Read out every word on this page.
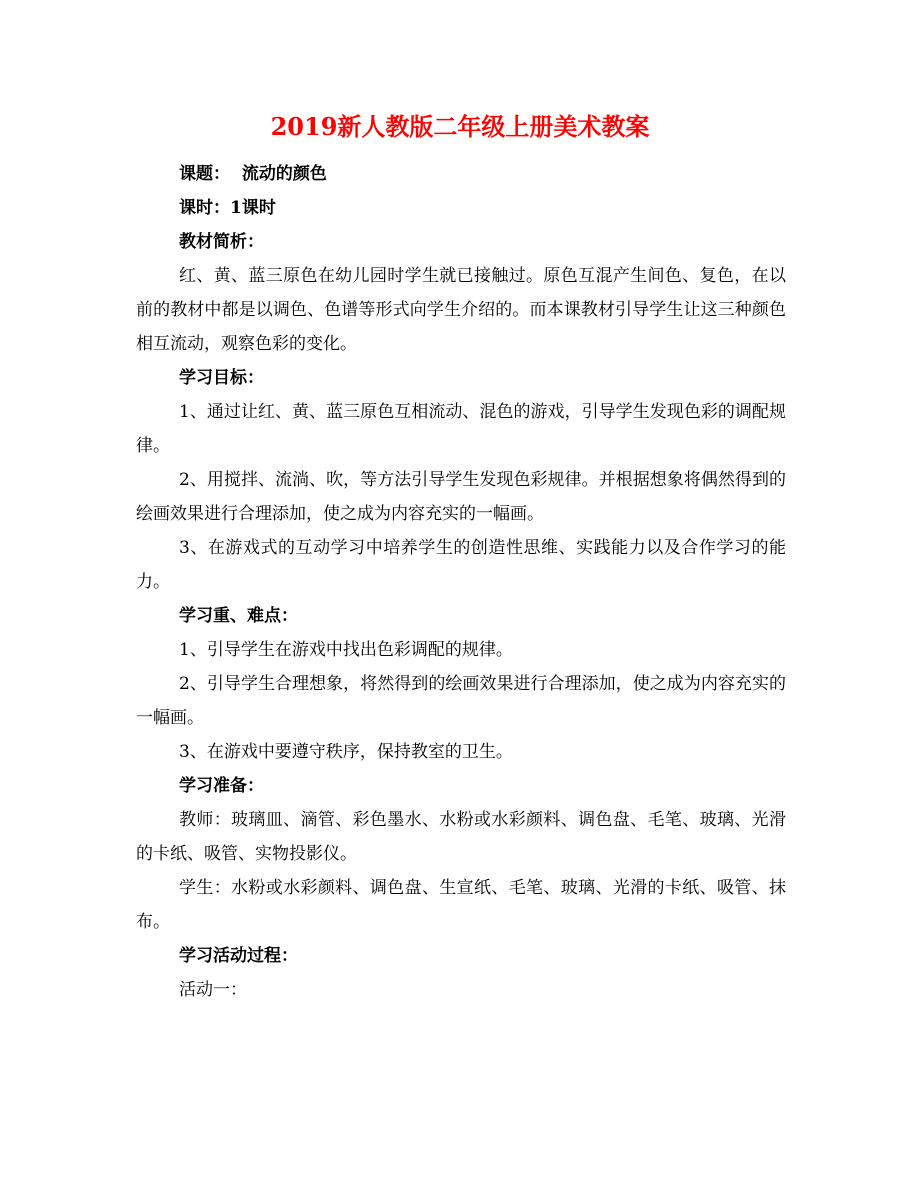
2019新人教版二年级上册美术教案

课题： 流动的颜色

课时：1课时

教材简析：

红、黄、蓝三原色在幼儿园时学生就已接触过。原色互混产生间色、复色，在以前的教材中都是以调色、色谱等形式向学生介绍的。而本课教材引导学生让这三种颜色相互流动，观察色彩的变化。

学习目标：

1、通过让红、黄、蓝三原色互相流动、混色的游戏，引导学生发现色彩的调配规律。

2、用搅拌、流淌、吹，等方法引导学生发现色彩规律。并根据想象将偶然得到的绘画效果进行合理添加，使之成为内容充实的一幅画。

3、在游戏式的互动学习中培养学生的创造性思维、实践能力以及合作学习的能力。

学习重、难点：

1、引导学生在游戏中找出色彩调配的规律。

2、引导学生合理想象，将然得到的绘画效果进行合理添加，使之成为内容充实的一幅画。

3、在游戏中要遵守秩序，保持教室的卫生。

学习准备：

教师：玻璃皿、滴管、彩色墨水、水粉或水彩颜料、调色盘、毛笔、玻璃、光滑的卡纸、吸管、实物投影仪。

学生：水粉或水彩颜料、调色盘、生宣纸、毛笔、玻璃、光滑的卡纸、吸管、抹布。

学习活动过程：

活动一：
